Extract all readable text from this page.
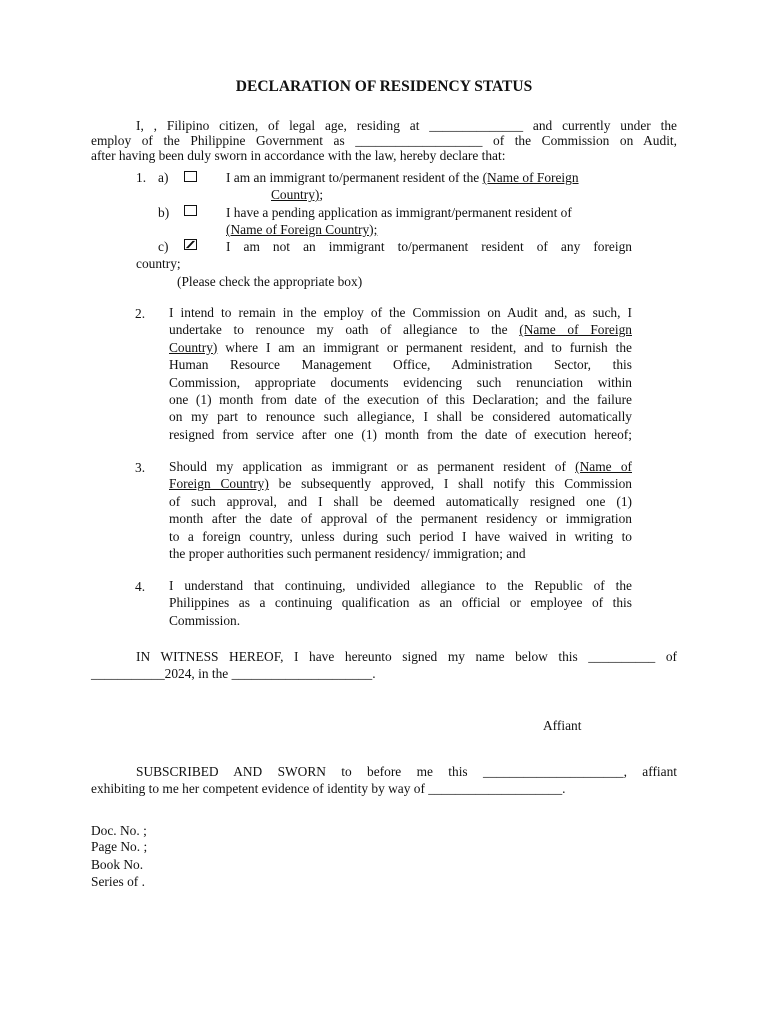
DECLARATION OF RESIDENCY STATUS
I, , Filipino citizen, of legal age, residing at ______________ and currently under the
employ of the Philippine Government as ___________________ of the Commission on Audit,
after having been duly sworn in accordance with the law, hereby declare that:
1. a)	I am an immigrant to/permanent resident of the (Name of Foreign
Country);
b)	I have a pending application as immigrant/permanent resident of
(Name of Foreign Country);
c)	I am not an immigrant to/permanent resident of any foreign
country;
(Please check the appropriate box)
2. I intend to remain in the employ of the Commission on Audit and, as such, I
undertake to renounce my oath of allegiance to the (Name of Foreign
Country) where I am an immigrant or permanent resident, and to furnish the
Human Resource Management Office, Administration Sector, this
Commission, appropriate documents evidencing such renunciation within
one (1) month from date of the execution of this Declaration; and the failure
on my part to renounce such allegiance, I shall be considered automatically
resigned from service after one (1) month from the date of execution hereof;
3. Should my application as immigrant or as permanent resident of (Name of
Foreign Country) be subsequently approved, I shall notify this Commission
of such approval, and I shall be deemed automatically resigned one (1)
month after the date of approval of the permanent residency or immigration
to a foreign country, unless during such period I have waived in writing to
the proper authorities such permanent residency/ immigration; and
4. I understand that continuing, undivided allegiance to the Republic of the
Philippines as a continuing qualification as an official or employee of this
Commission.
IN WITNESS HEREOF, I have hereunto signed my name below this __________ of
___________2024, in the _____________________.
Affiant
SUBSCRIBED AND SWORN to before me this _____________________, affiant
exhibiting to me her competent evidence of identity by way of ____________________.
Doc. No. ;
Page No. ;
Book No.
Series of .
